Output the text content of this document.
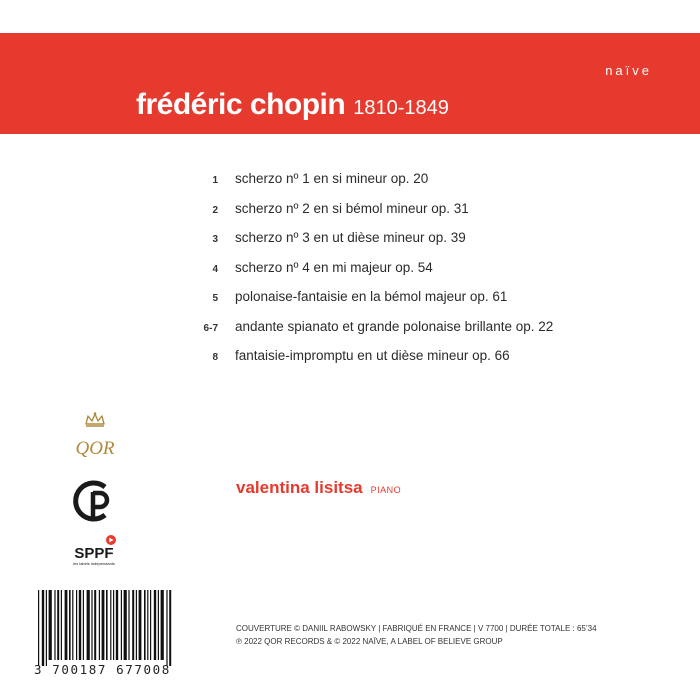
naïve
frédéric chopin 1810-1849
1 scherzo nº 1 en si mineur op. 20
2 scherzo nº 2 en si bémol mineur op. 31
3 scherzo nº 3 en ut dièse mineur op. 39
4 scherzo nº 4 en mi majeur op. 54
5 polonaise-fantaisie en la bémol majeur op. 61
6-7 andante spianato et grande polonaise brillante op. 22
8 fantaisie-impromptu en ut dièse mineur op. 66
valentina lisitsa PIANO
QOR
SPPF
les labels indépendants
3 700187 677008
COUVERTURE © DANIIL RABOWSKY | FABRIQUÉ EN FRANCE | V 7700 | DURÉE TOTALE : 65’34
℗ 2022 QOR RECORDS & © 2022 NAÏVE, A LABEL OF BELIEVE GROUP
